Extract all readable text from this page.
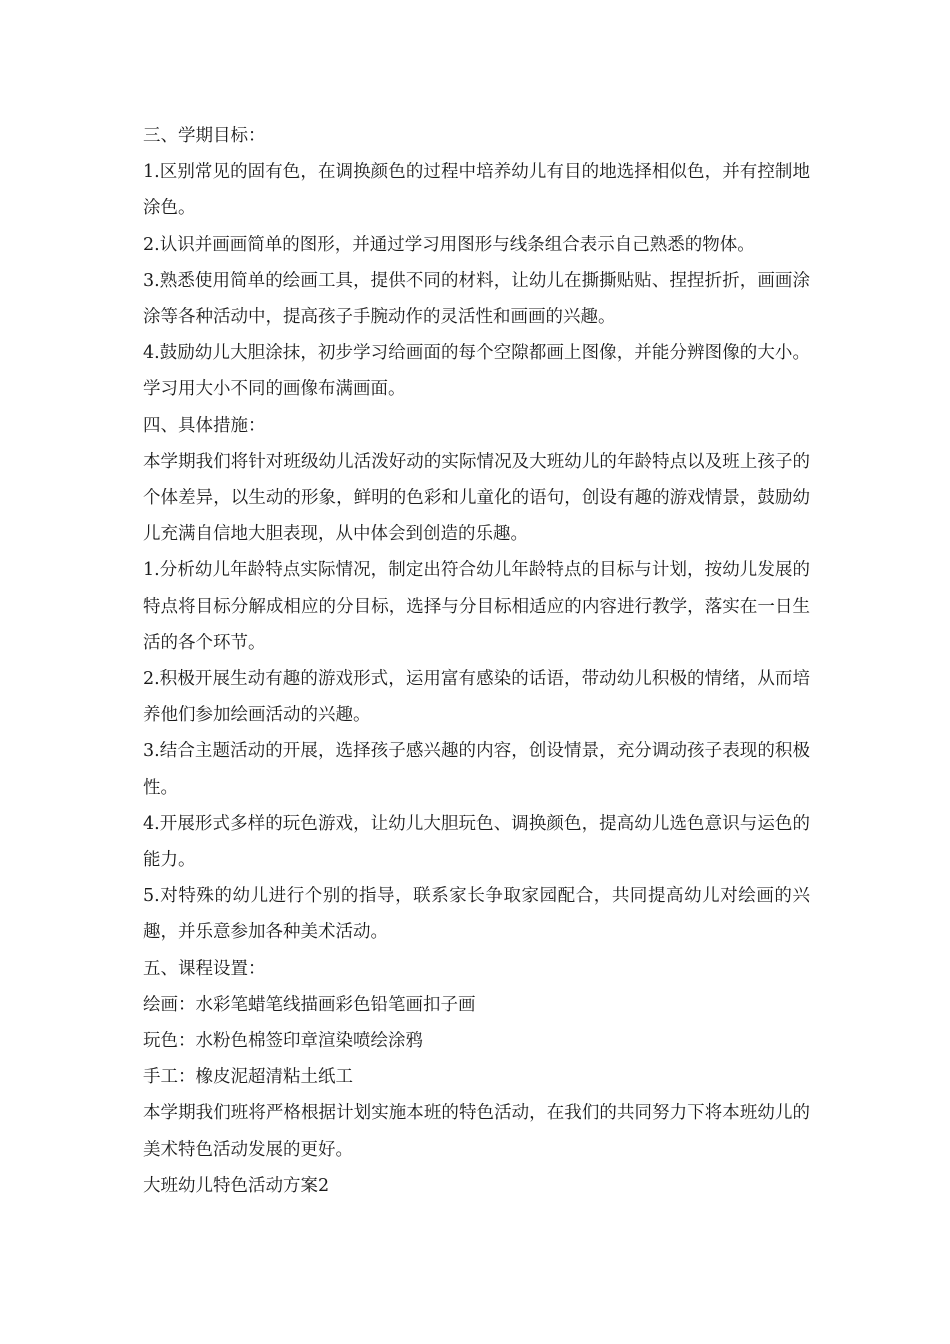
三、学期目标：

1.区别常见的固有色，在调换颜色的过程中培养幼儿有目的地选择相似色，并有控制地涂色。

2.认识并画画简单的图形，并通过学习用图形与线条组合表示自己熟悉的物体。

3.熟悉使用简单的绘画工具，提供不同的材料，让幼儿在撕撕贴贴、捏捏折折，画画涂涂等各种活动中，提高孩子手腕动作的灵活性和画画的兴趣。

4.鼓励幼儿大胆涂抹，初步学习给画面的每个空隙都画上图像，并能分辨图像的大小。学习用大小不同的画像布满画面。

四、具体措施：

本学期我们将针对班级幼儿活泼好动的实际情况及大班幼儿的年龄特点以及班上孩子的个体差异，以生动的形象，鲜明的色彩和儿童化的语句，创设有趣的游戏情景，鼓励幼儿充满自信地大胆表现，从中体会到创造的乐趣。

1.分析幼儿年龄特点实际情况，制定出符合幼儿年龄特点的目标与计划，按幼儿发展的特点将目标分解成相应的分目标，选择与分目标相适应的内容进行教学，落实在一日生活的各个环节。

2.积极开展生动有趣的游戏形式，运用富有感染的话语，带动幼儿积极的情绪，从而培养他们参加绘画活动的兴趣。

3.结合主题活动的开展，选择孩子感兴趣的内容，创设情景，充分调动孩子表现的积极性。

4.开展形式多样的玩色游戏，让幼儿大胆玩色、调换颜色，提高幼儿选色意识与运色的能力。

5.对特殊的幼儿进行个别的指导，联系家长争取家园配合，共同提高幼儿对绘画的兴趣，并乐意参加各种美术活动。

五、课程设置：

绘画：水彩笔蜡笔线描画彩色铅笔画扣子画

玩色：水粉色棉签印章渲染喷绘涂鸦

手工：橡皮泥超清粘土纸工

本学期我们班将严格根据计划实施本班的特色活动，在我们的共同努力下将本班幼儿的美术特色活动发展的更好。

大班幼儿特色活动方案2
